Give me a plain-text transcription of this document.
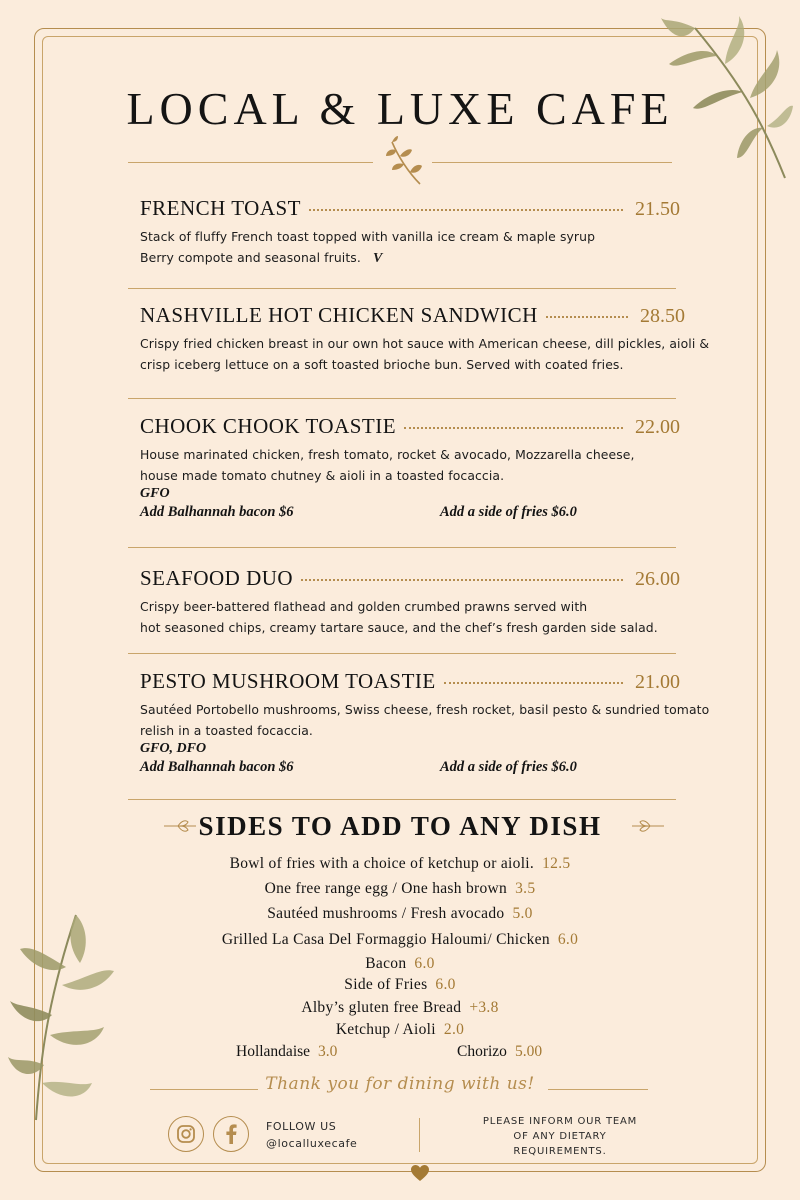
LOCAL & LUXE CAFE
FRENCH TOAST	21.50
Stack of fluffy French toast topped with vanilla ice cream & maple syrup
Berry compote and seasonal fruits. V
NASHVILLE HOT CHICKEN SANDWICH	28.50
Crispy fried chicken breast in our own hot sauce with American cheese, dill pickles, aioli &
crisp iceberg lettuce on a soft toasted brioche bun. Served with coated fries.
CHOOK CHOOK TOASTIE	22.00
House marinated chicken, fresh tomato, rocket & avocado, Mozzarella cheese,
house made tomato chutney & aioli in a toasted focaccia.
GFO
Add Balhannah bacon $6	Add a side of fries $6.0
SEAFOOD DUO	26.00
Crispy beer-battered flathead and golden crumbed prawns served with
hot seasoned chips, creamy tartare sauce, and the chef’s fresh garden side salad.
PESTO MUSHROOM TOASTIE	21.00
Sautéed Portobello mushrooms, Swiss cheese, fresh rocket, basil pesto & sundried tomato
relish in a toasted focaccia.
GFO, DFO
Add Balhannah bacon $6	Add a side of fries $6.0
SIDES TO ADD TO ANY DISH
Bowl of fries with a choice of ketchup or aioli. 12.5
One free range egg / One hash brown 3.5
Sautéed mushrooms / Fresh avocado 5.0
Grilled La Casa Del Formaggio Haloumi/ Chicken 6.0
Bacon 6.0
Side of Fries 6.0
Alby’s gluten free Bread +3.8
Ketchup / Aioli 2.0
Hollandaise 3.0	Chorizo 5.00
Thank you for dining with us!
FOLLOW US
@localluxecafe
PLEASE INFORM OUR TEAM
OF ANY DIETARY
REQUIREMENTS.
